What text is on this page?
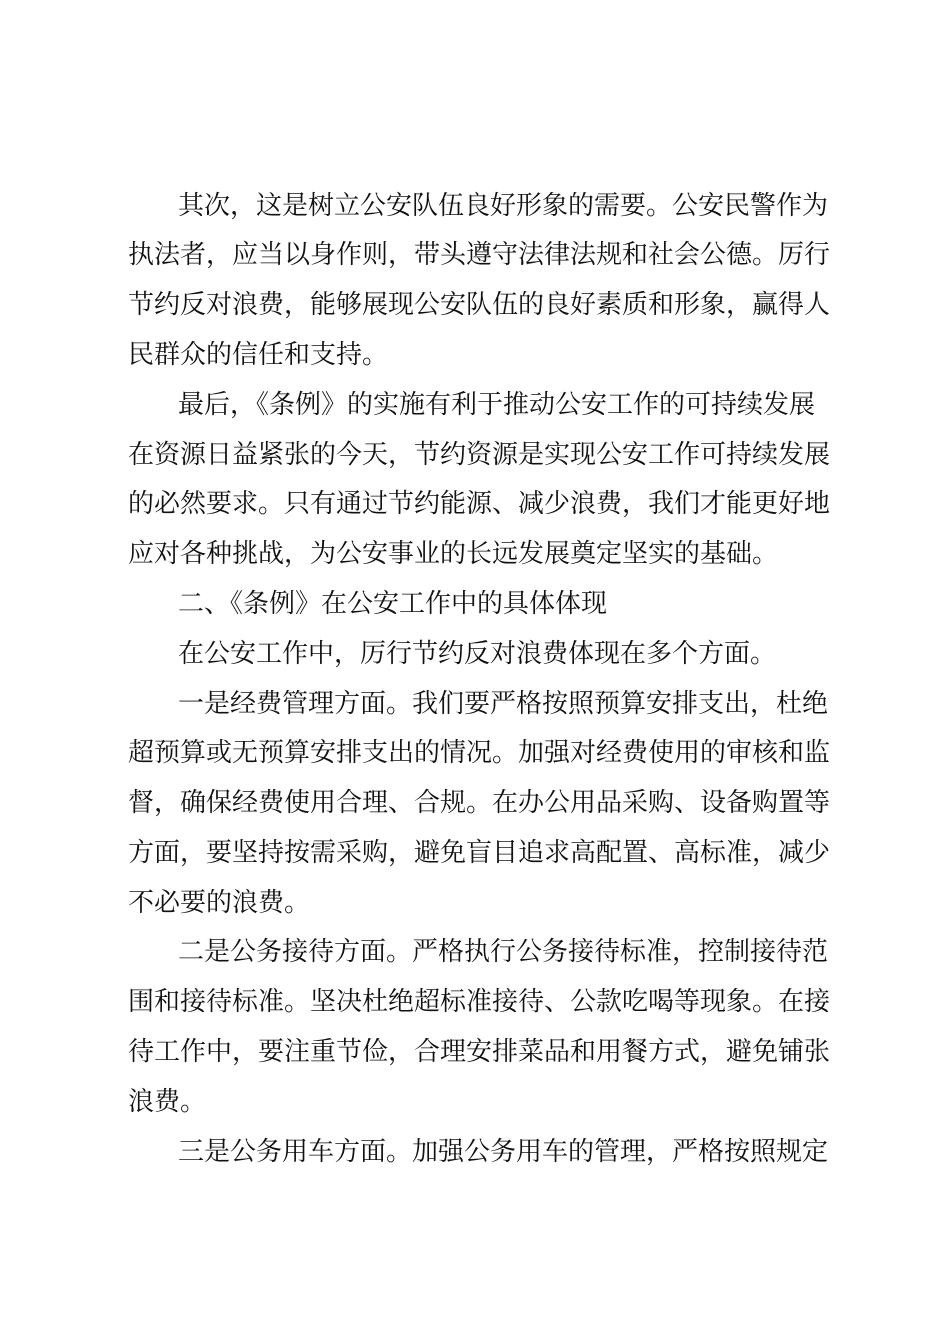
其次，这是树立公安队伍良好形象的需要。公安民警作为
执法者，应当以身作则，带头遵守法律法规和社会公德。厉行
节约反对浪费，能够展现公安队伍的良好素质和形象，赢得人
民群众的信任和支持。
最后，《条例》的实施有利于推动公安工作的可持续发展
在资源日益紧张的今天，节约资源是实现公安工作可持续发展
的必然要求。只有通过节约能源、减少浪费，我们才能更好地
应对各种挑战，为公安事业的长远发展奠定坚实的基础。
二、《条例》在公安工作中的具体体现
在公安工作中，厉行节约反对浪费体现在多个方面。
一是经费管理方面。我们要严格按照预算安排支出，杜绝
超预算或无预算安排支出的情况。加强对经费使用的审核和监
督，确保经费使用合理、合规。在办公用品采购、设备购置等
方面，要坚持按需采购，避免盲目追求高配置、高标准，减少
不必要的浪费。
二是公务接待方面。严格执行公务接待标准，控制接待范
围和接待标准。坚决杜绝超标准接待、公款吃喝等现象。在接
待工作中，要注重节俭，合理安排菜品和用餐方式，避免铺张
浪费。
三是公务用车方面。加强公务用车的管理，严格按照规定
